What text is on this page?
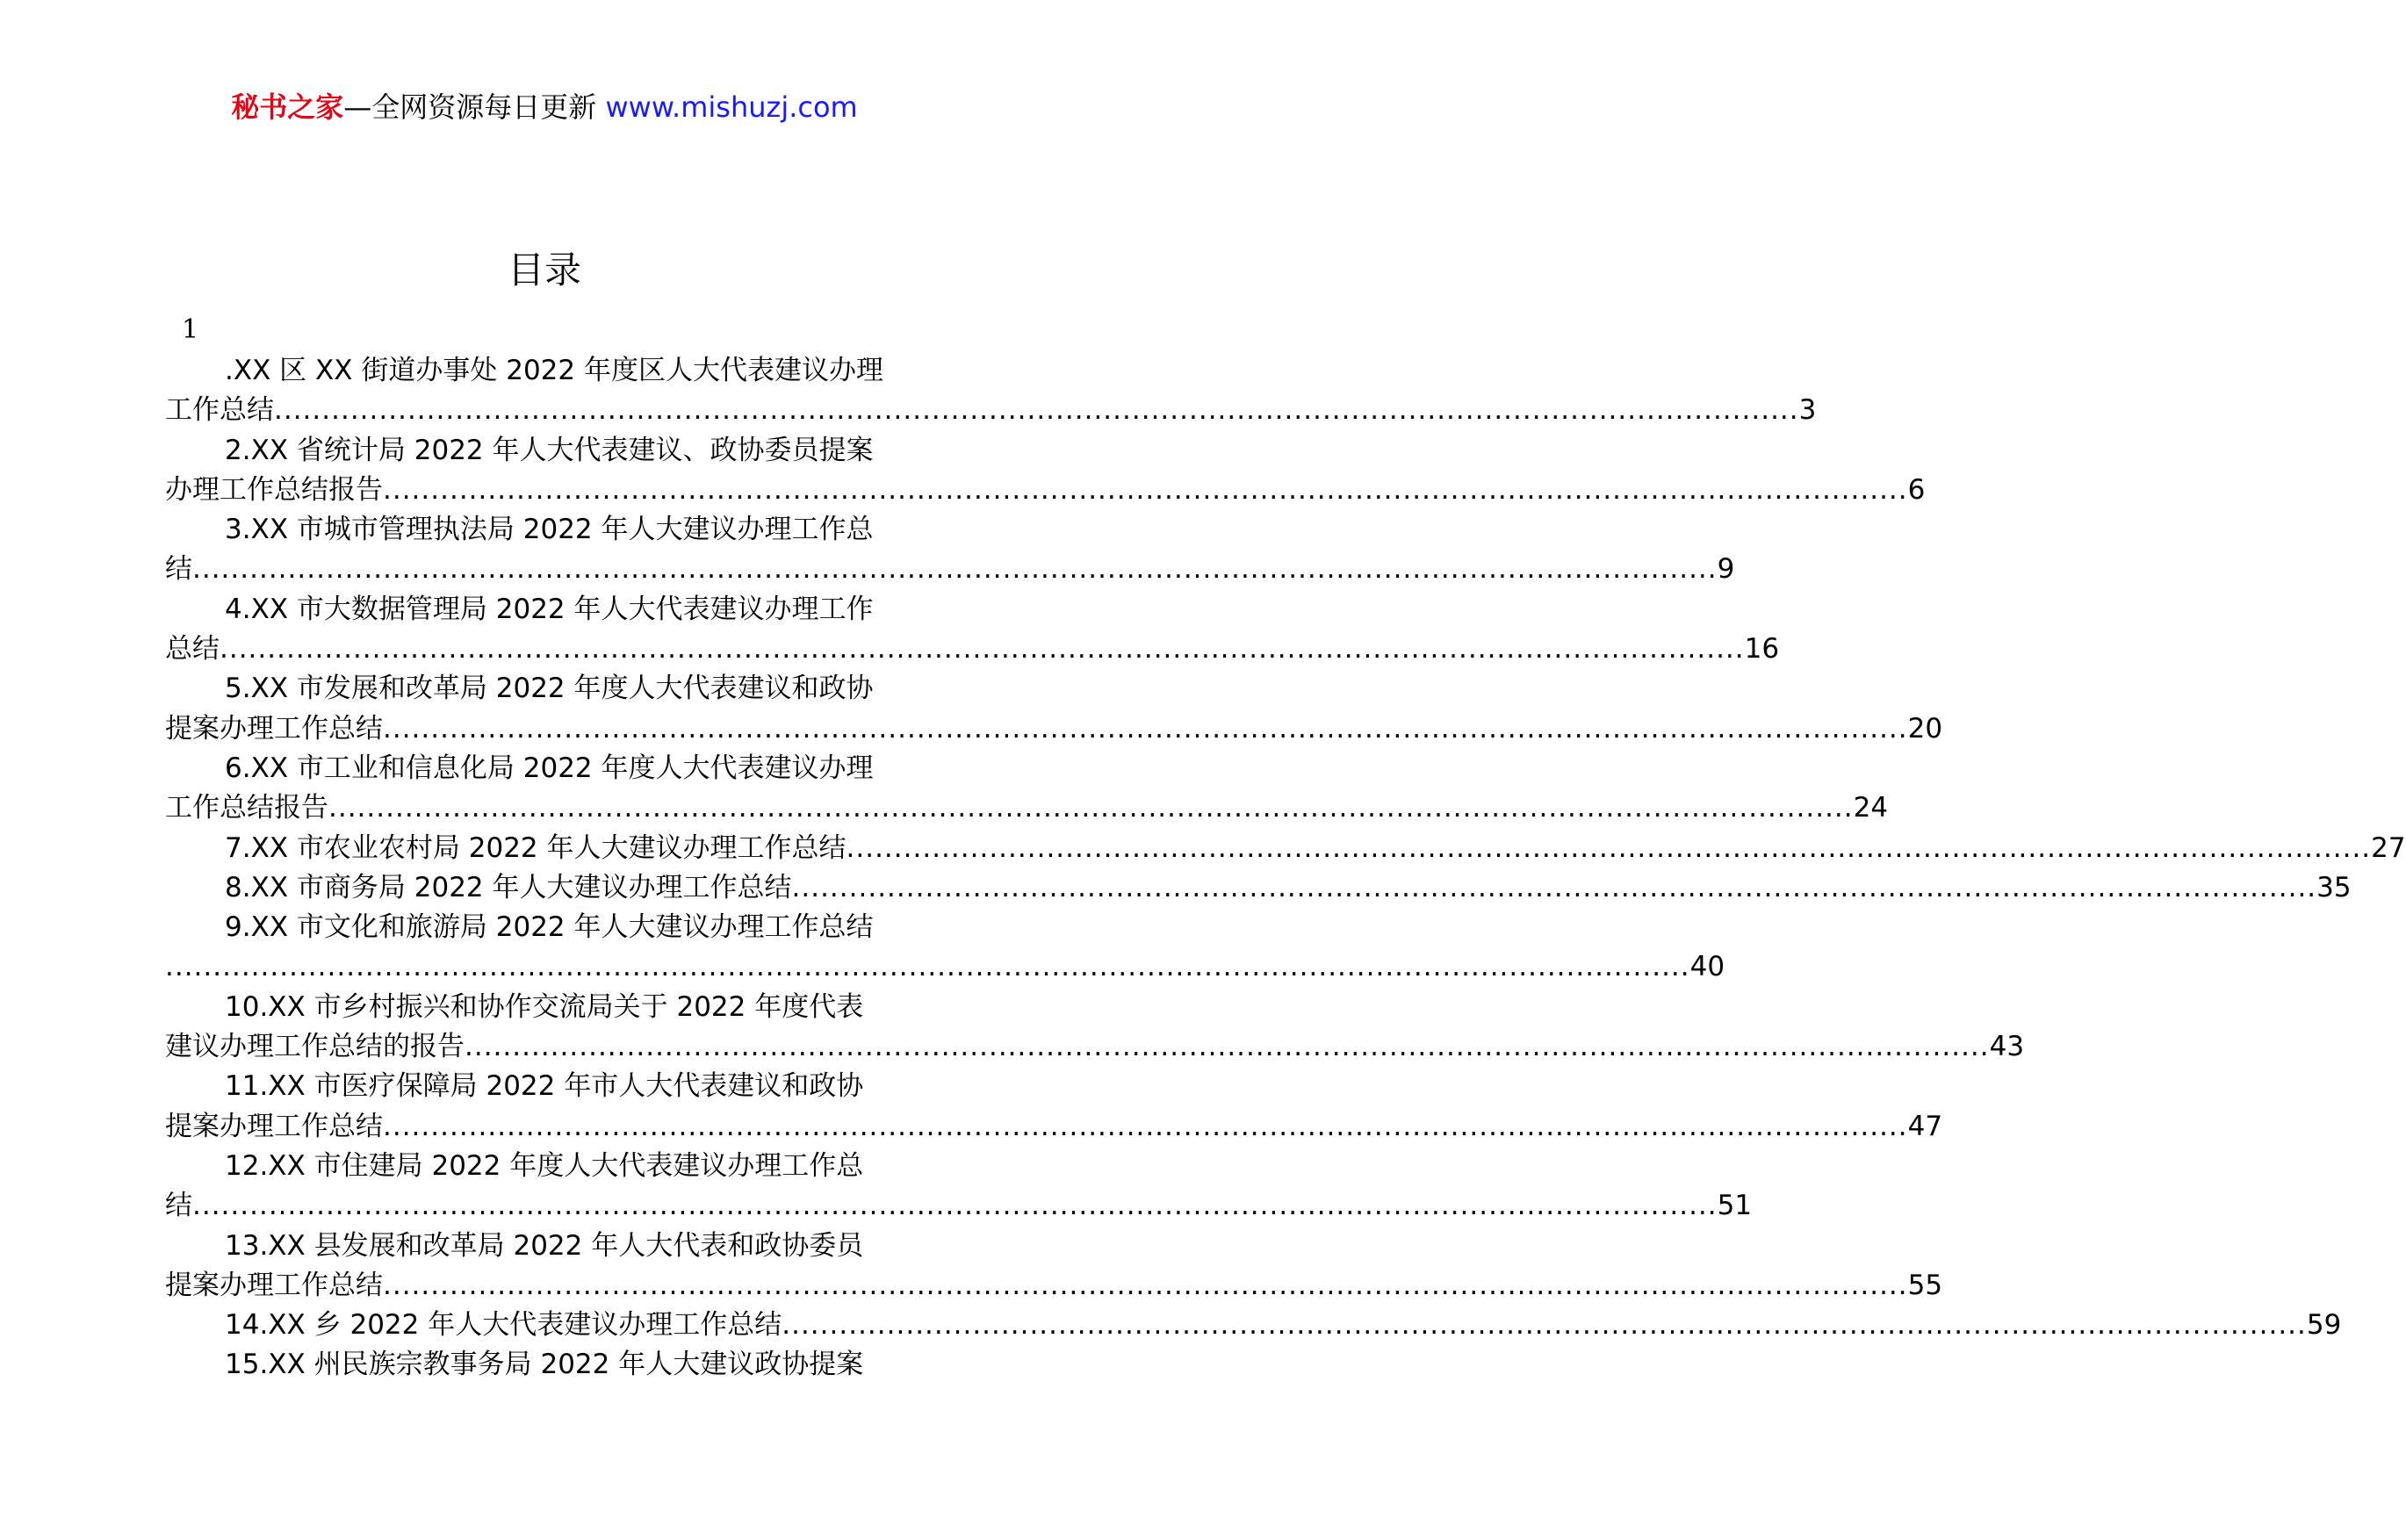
秘书之家—全网资源每日更新 www.mishuzj.com
目录
1
.XX 区 XX 街道办事处 2022 年度区人大代表建议办理
工作总结 ................................................................................................................................................................ 3
2.XX 省统计局 2022 年人大代表建议、政协委员提案
办理工作总结报告 ................................................................................................................................................................ 6
3.XX 市城市管理执法局 2022 年人大建议办理工作总
结 ................................................................................................................................................................ 9
4.XX 市大数据管理局 2022 年人大代表建议办理工作
总结 ................................................................................................................................................................ 16
5.XX 市发展和改革局 2022 年度人大代表建议和政协
提案办理工作总结 ................................................................................................................................................................ 20
6.XX 市工业和信息化局 2022 年度人大代表建议办理
工作总结报告 ................................................................................................................................................................ 24
7.XX 市农业农村局 2022 年人大建议办理工作总结 ................................................................................................................................................................ 27
8.XX 市商务局 2022 年人大建议办理工作总结 ................................................................................................................................................................ 35
9.XX 市文化和旅游局 2022 年人大建议办理工作总结
................................................................................................................................................................ 40
10.XX 市乡村振兴和协作交流局关于 2022 年度代表
建议办理工作总结的报告 ................................................................................................................................................................ 43
11.XX 市医疗保障局 2022 年市人大代表建议和政协
提案办理工作总结 ................................................................................................................................................................ 47
12.XX 市住建局 2022 年度人大代表建议办理工作总
结 ................................................................................................................................................................ 51
13.XX 县发展和改革局 2022 年人大代表和政协委员
提案办理工作总结 ................................................................................................................................................................ 55
14.XX 乡 2022 年人大代表建议办理工作总结 ................................................................................................................................................................ 59
15.XX 州民族宗教事务局 2022 年人大建议政协提案
